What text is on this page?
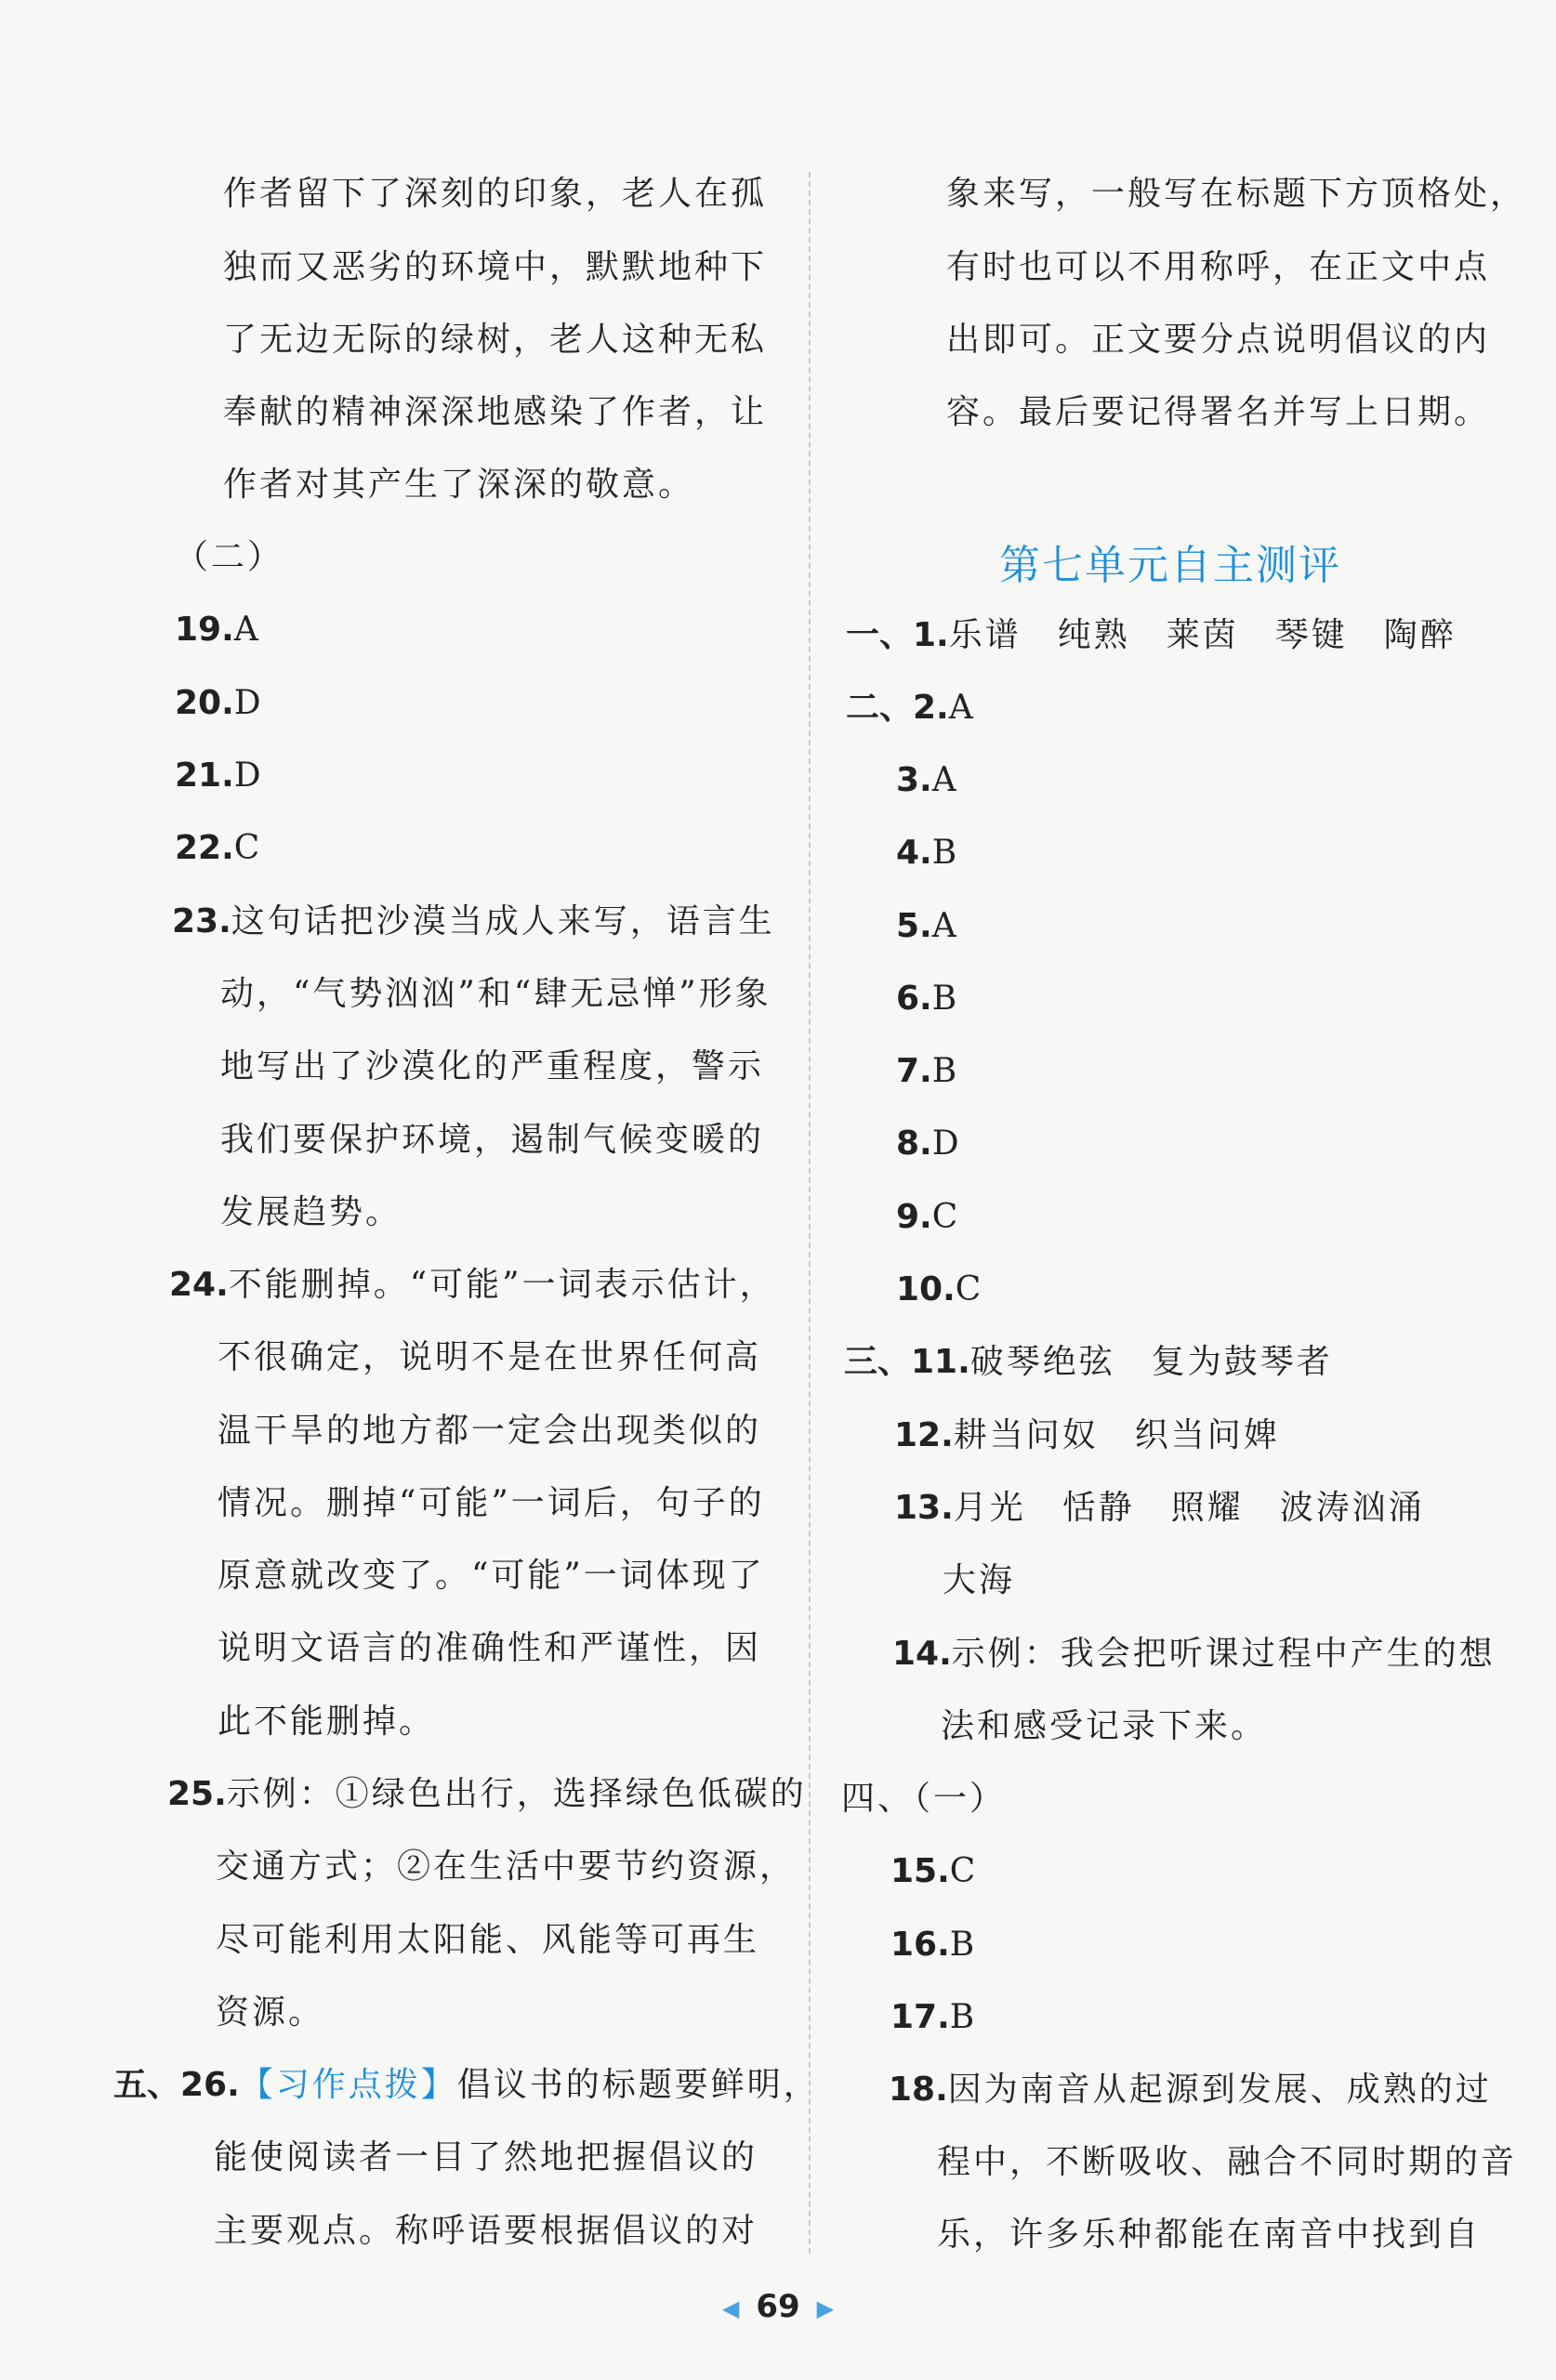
作者留下了深刻的印象，老人在孤
独而又恶劣的环境中，默默地种下
了无边无际的绿树，老人这种无私
奉献的精神深深地感染了作者，让
作者对其产生了深深的敬意。
（二）
19.A
20.D
21.D
22.C
23.这句话把沙漠当成人来写，语言生
动，“气势汹汹”和“肆无忌惮”形象
地写出了沙漠化的严重程度，警示
我们要保护环境，遏制气候变暖的
发展趋势。
24.不能删掉。“可能”一词表示估计，
不很确定，说明不是在世界任何高
温干旱的地方都一定会出现类似的
情况。删掉“可能”一词后，句子的
原意就改变了。“可能”一词体现了
说明文语言的准确性和严谨性，因
此不能删掉。
25.示例：①绿色出行，选择绿色低碳的
交通方式；②在生活中要节约资源，
尽可能利用太阳能、风能等可再生
资源。
五、26.【习作点拨】倡议书的标题要鲜明，
能使阅读者一目了然地把握倡议的
主要观点。称呼语要根据倡议的对
象来写，一般写在标题下方顶格处，
有时也可以不用称呼，在正文中点
出即可。正文要分点说明倡议的内
容。最后要记得署名并写上日期。
第七单元自主测评
一、1.乐谱　纯熟　莱茵　琴键　陶醉
二、2.A
3.A
4.B
5.A
6.B
7.B
8.D
9.C
10.C
三、11.破琴绝弦　复为鼓琴者
12.耕当问奴　织当问婢
13.月光　恬静　照耀　波涛汹涌
大海
14.示例：我会把听课过程中产生的想
法和感受记录下来。
四、（一）
15.C
16.B
17.B
18.因为南音从起源到发展、成熟的过
程中，不断吸收、融合不同时期的音
乐，许多乐种都能在南音中找到自
◀ 69 ▶
